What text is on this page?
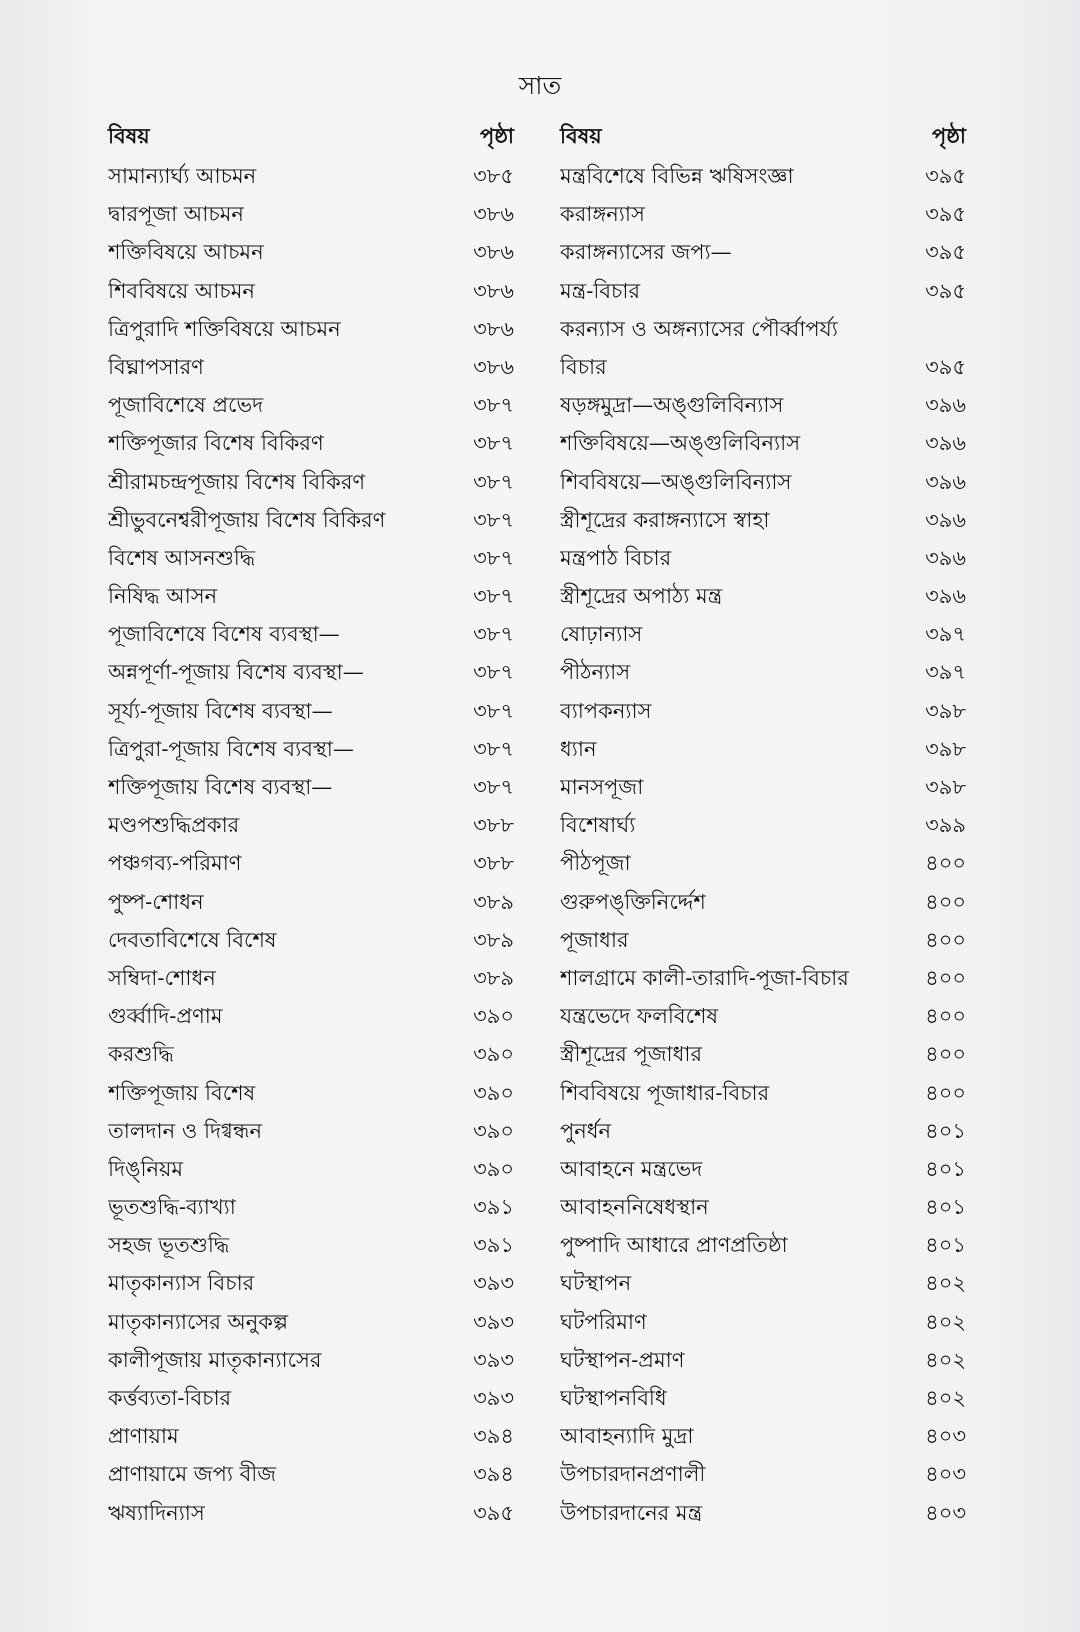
সাত
বিষয়	পৃষ্ঠা
সামান্যার্ঘ্য আচমন	৩৮৫
দ্বারপূজা আচমন	৩৮৬
শক্তিবিষয়ে আচমন	৩৮৬
শিববিষয়ে আচমন	৩৮৬
ত্রিপুরাদি শক্তিবিষয়ে আচমন	৩৮৬
বিঘ্নাপসারণ	৩৮৬
পূজাবিশেষে প্রভেদ	৩৮৭
শক্তিপূজার বিশেষ বিকিরণ	৩৮৭
শ্রীরামচন্দ্রপূজায় বিশেষ বিকিরণ	৩৮৭
শ্রীভুবনেশ্বরীপূজায় বিশেষ বিকিরণ	৩৮৭
বিশেষ আসনশুদ্ধি	৩৮৭
নিষিদ্ধ আসন	৩৮৭
পূজাবিশেষে বিশেষ ব্যবস্থা—	৩৮৭
অন্নপূর্ণা-পূজায় বিশেষ ব্যবস্থা—	৩৮৭
সূর্য্য-পূজায় বিশেষ ব্যবস্থা—	৩৮৭
ত্রিপুরা-পূজায় বিশেষ ব্যবস্থা—	৩৮৭
শক্তিপূজায় বিশেষ ব্যবস্থা—	৩৮৭
মণ্ডপশুদ্ধিপ্রকার	৩৮৮
পঞ্চগব্য-পরিমাণ	৩৮৮
পুষ্প-শোধন	৩৮৯
দেবতাবিশেষে বিশেষ	৩৮৯
সম্বিদা-শোধন	৩৮৯
গুর্ব্বাদি-প্রণাম	৩৯০
করশুদ্ধি	৩৯০
শক্তিপূজায় বিশেষ	৩৯০
তালদান ও দিগ্বন্ধন	৩৯০
দিঙ্‌নিয়ম	৩৯০
ভূতশুদ্ধি-ব্যাখ্যা	৩৯১
সহজ ভূতশুদ্ধি	৩৯১
মাতৃকান্যাস বিচার	৩৯৩
মাতৃকান্যাসের অনুকল্প	৩৯৩
কালীপূজায় মাতৃকান্যাসের	৩৯৩
কর্ত্তব্যতা-বিচার	৩৯৩
প্রাণায়াম	৩৯৪
প্রাণায়ামে জপ্য বীজ	৩৯৪
ঋষ্যাদিন্যাস	৩৯৫
বিষয়	পৃষ্ঠা
মন্ত্রবিশেষে বিভিন্ন ঋষিসংজ্ঞা	৩৯৫
করাঙ্গন্যাস	৩৯৫
করাঙ্গন্যাসের জপ্য—	৩৯৫
মন্ত্র-বিচার	৩৯৫
করন্যাস ও অঙ্গন্যাসের পৌর্ব্বাপর্য্য
বিচার	৩৯৫
ষড়ঙ্গমুদ্রা—অঙ্গুলিবিন্যাস	৩৯৬
শক্তিবিষয়ে—অঙ্গুলিবিন্যাস	৩৯৬
শিববিষয়ে—অঙ্গুলিবিন্যাস	৩৯৬
স্ত্রীশূদ্রের করাঙ্গন্যাসে স্বাহা	৩৯৬
মন্ত্রপাঠ বিচার	৩৯৬
স্ত্রীশূদ্রের অপাঠ্য মন্ত্র	৩৯৬
ষোঢ়ান্যাস	৩৯৭
পীঠন্যাস	৩৯৭
ব্যাপকন্যাস	৩৯৮
ধ্যান	৩৯৮
মানসপূজা	৩৯৮
বিশেষার্ঘ্য	৩৯৯
পীঠপূজা	৪০০
গুরুপঙ্‌ক্তিনির্দ্দেশ	৪০০
পূজাধার	৪০০
শালগ্রামে কালী-তারাদি-পূজা-বিচার	৪০০
যন্ত্রভেদে ফলবিশেষ	৪০০
স্ত্রীশূদ্রের পূজাধার	৪০০
শিববিষয়ে পূজাধার-বিচার	৪০০
পুনর্ধন	৪০১
আবাহনে মন্ত্রভেদ	৪০১
আবাহননিষেধস্থান	৪০১
পুষ্পাদি আধারে প্রাণপ্রতিষ্ঠা	৪০১
ঘটস্থাপন	৪০২
ঘটপরিমাণ	৪০২
ঘটস্থাপন-প্রমাণ	৪০২
ঘটস্থাপনবিধি	৪০২
আবাহন্যাদি মুদ্রা	৪০৩
উপচারদানপ্রণালী	৪০৩
উপচারদানের মন্ত্র	৪০৩
